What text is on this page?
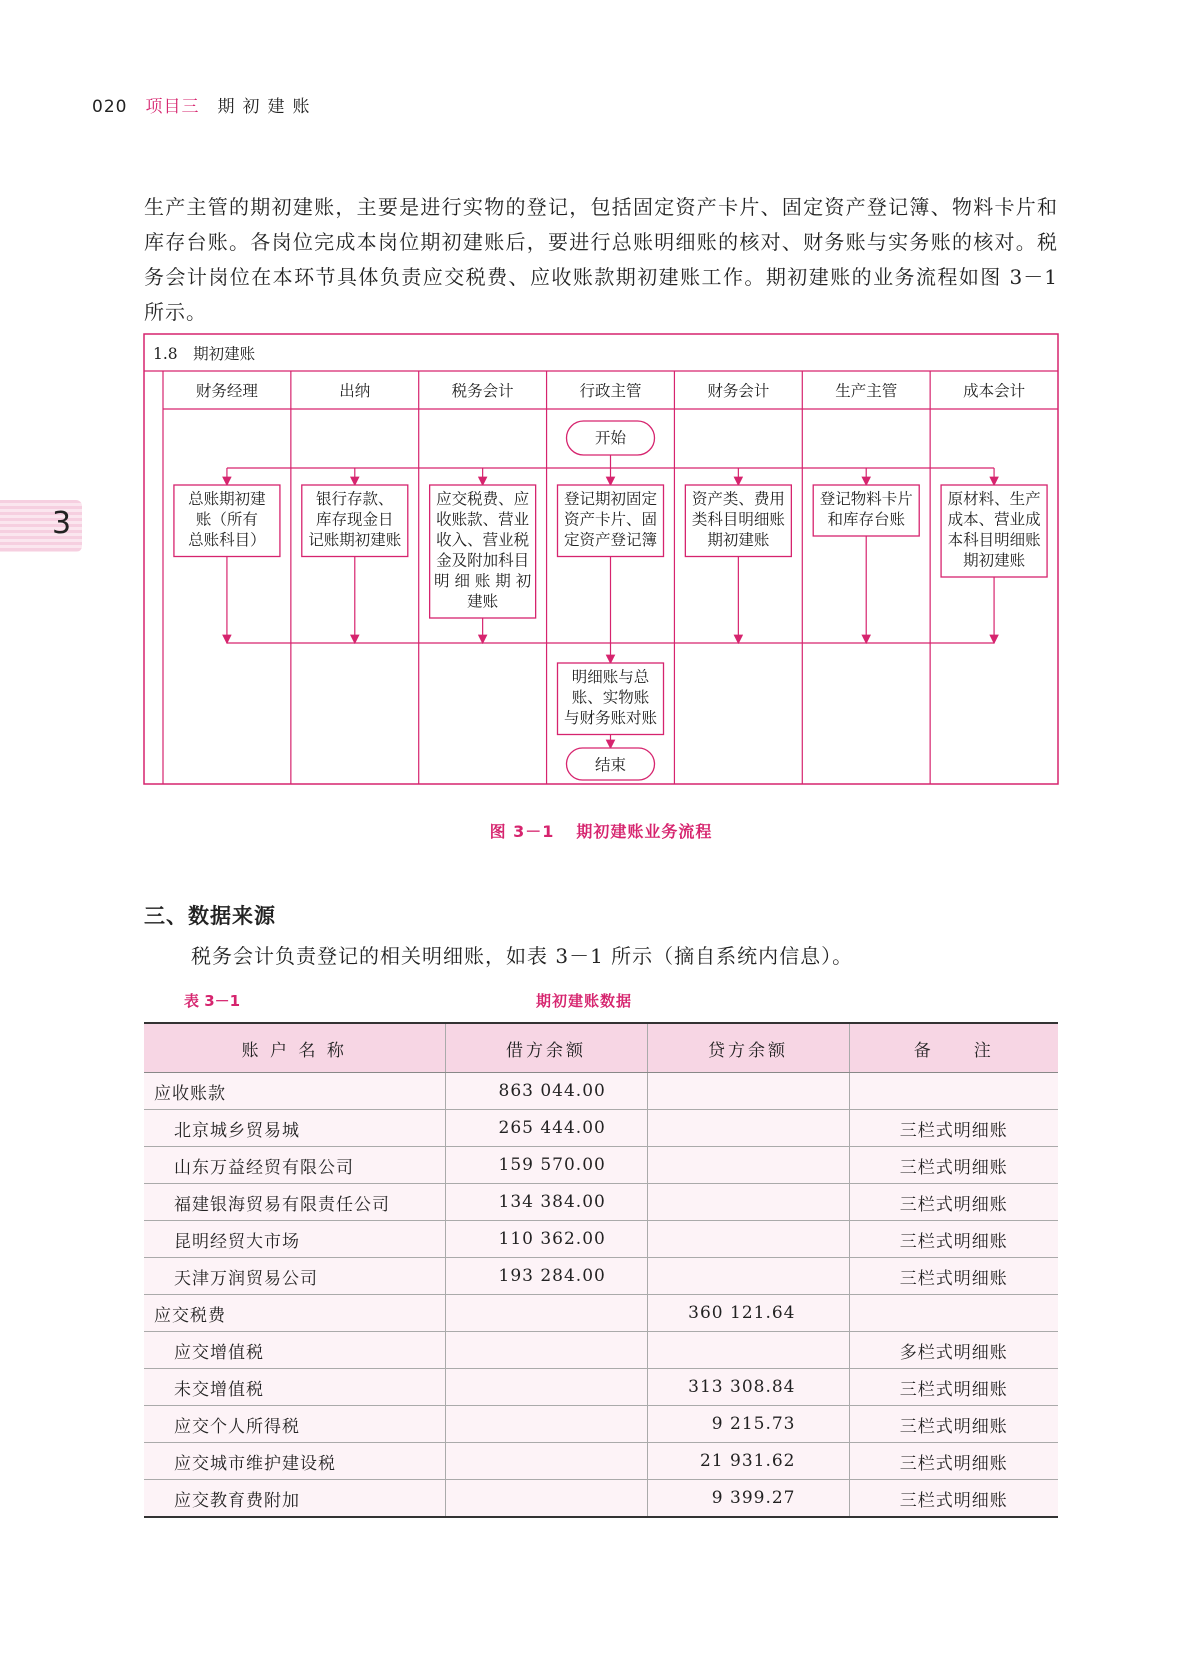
020 项目三 期初建账
3

生产主管的期初建账，主要是进行实物的登记，包括固定资产卡片、固定资产登记簿、物料卡片和库存台账。各岗位完成本岗位期初建账后，要进行总账明细账的核对、财务账与实务账的核对。税务会计岗位在本环节具体负责应交税费、应收账款期初建账工作。期初建账的业务流程如图 3－1 所示。

1.8　期初建账
财务经理	出纳	税务会计	行政主管	财务会计	生产主管	成本会计
开始
总账期初建
账（所有
总账科目）
银行存款、
库存现金日
记账期初建账
应交税费、应
收账款、营业
收入、营业税
金及附加科目
明 细 账 期 初
建账
登记期初固定
资产卡片、固
定资产登记簿
资产类、费用
类科目明细账
期初建账
登记物料卡片
和库存台账
原材料、生产
成本、营业成
本科目明细账
期初建账
明细账与总
账、实物账
与财务账对账
结束
图 3－1 期初建账业务流程
三、数据来源
税务会计负责登记的相关明细账，如表 3－1 所示（摘自系统内信息）。
表 3－1	期初建账数据
账 户 名 称	借方余额	贷方余额	备　　注
应收账款	863 044.00		
北京城乡贸易城	265 444.00		三栏式明细账
山东万益经贸有限公司	159 570.00		三栏式明细账
福建银海贸易有限责任公司	134 384.00		三栏式明细账
昆明经贸大市场	110 362.00		三栏式明细账
天津万润贸易公司	193 284.00		三栏式明细账
应交税费		360 121.64	
应交增值税			多栏式明细账
未交增值税		313 308.84	三栏式明细账
应交个人所得税		9 215.73	三栏式明细账
应交城市维护建设税		21 931.62	三栏式明细账
应交教育费附加		9 399.27	三栏式明细账
